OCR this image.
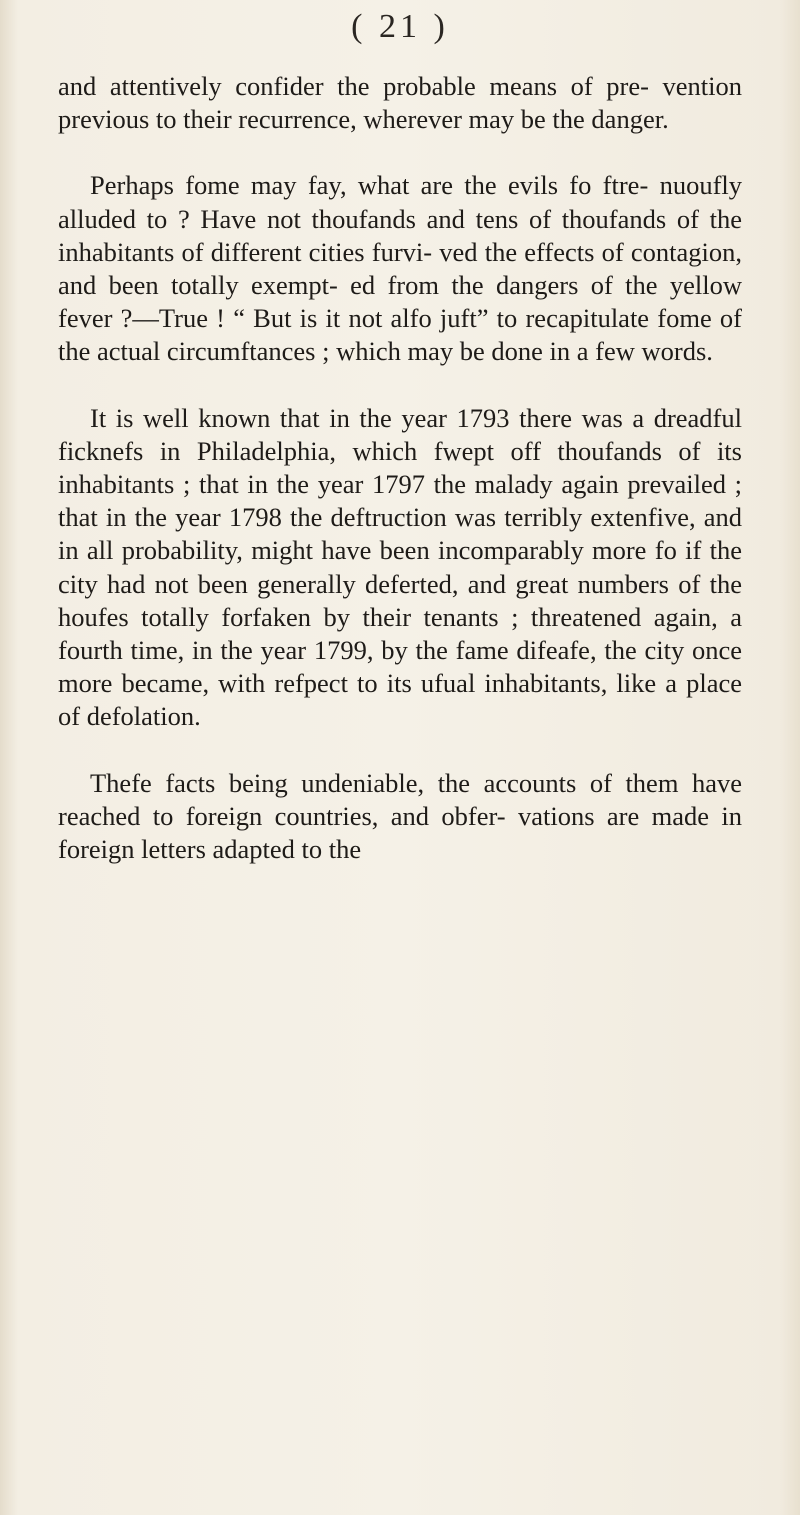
( 21 )

and attentively confider the probable means of pre- vention previous to their recurrence, wherever may be the danger.

Perhaps fome may fay, what are the evils fo ftre- nuoufly alluded to ? Have not thoufands and tens of thoufands of the inhabitants of different cities furvi- ved the effects of contagion, and been totally exempt- ed from the dangers of the yellow fever ?—True ! “ But is it not alfo juft” to recapitulate fome of the actual circumftances ; which may be done in a few words.

It is well known that in the year 1793 there was a dreadful ficknefs in Philadelphia, which fwept off thoufands of its inhabitants ; that in the year 1797 the malady again prevailed ; that in the year 1798 the deftruction was terribly extenfive, and in all probability, might have been incomparably more fo if the city had not been generally deferted, and great numbers of the houfes totally forfaken by their tenants ; threatened again, a fourth time, in the year 1799, by the fame difeafe, the city once more became, with refpect to its ufual inhabitants, like a place of defolation.

Thefe facts being undeniable, the accounts of them have reached to foreign countries, and obfer- vations are made in foreign letters adapted to the
